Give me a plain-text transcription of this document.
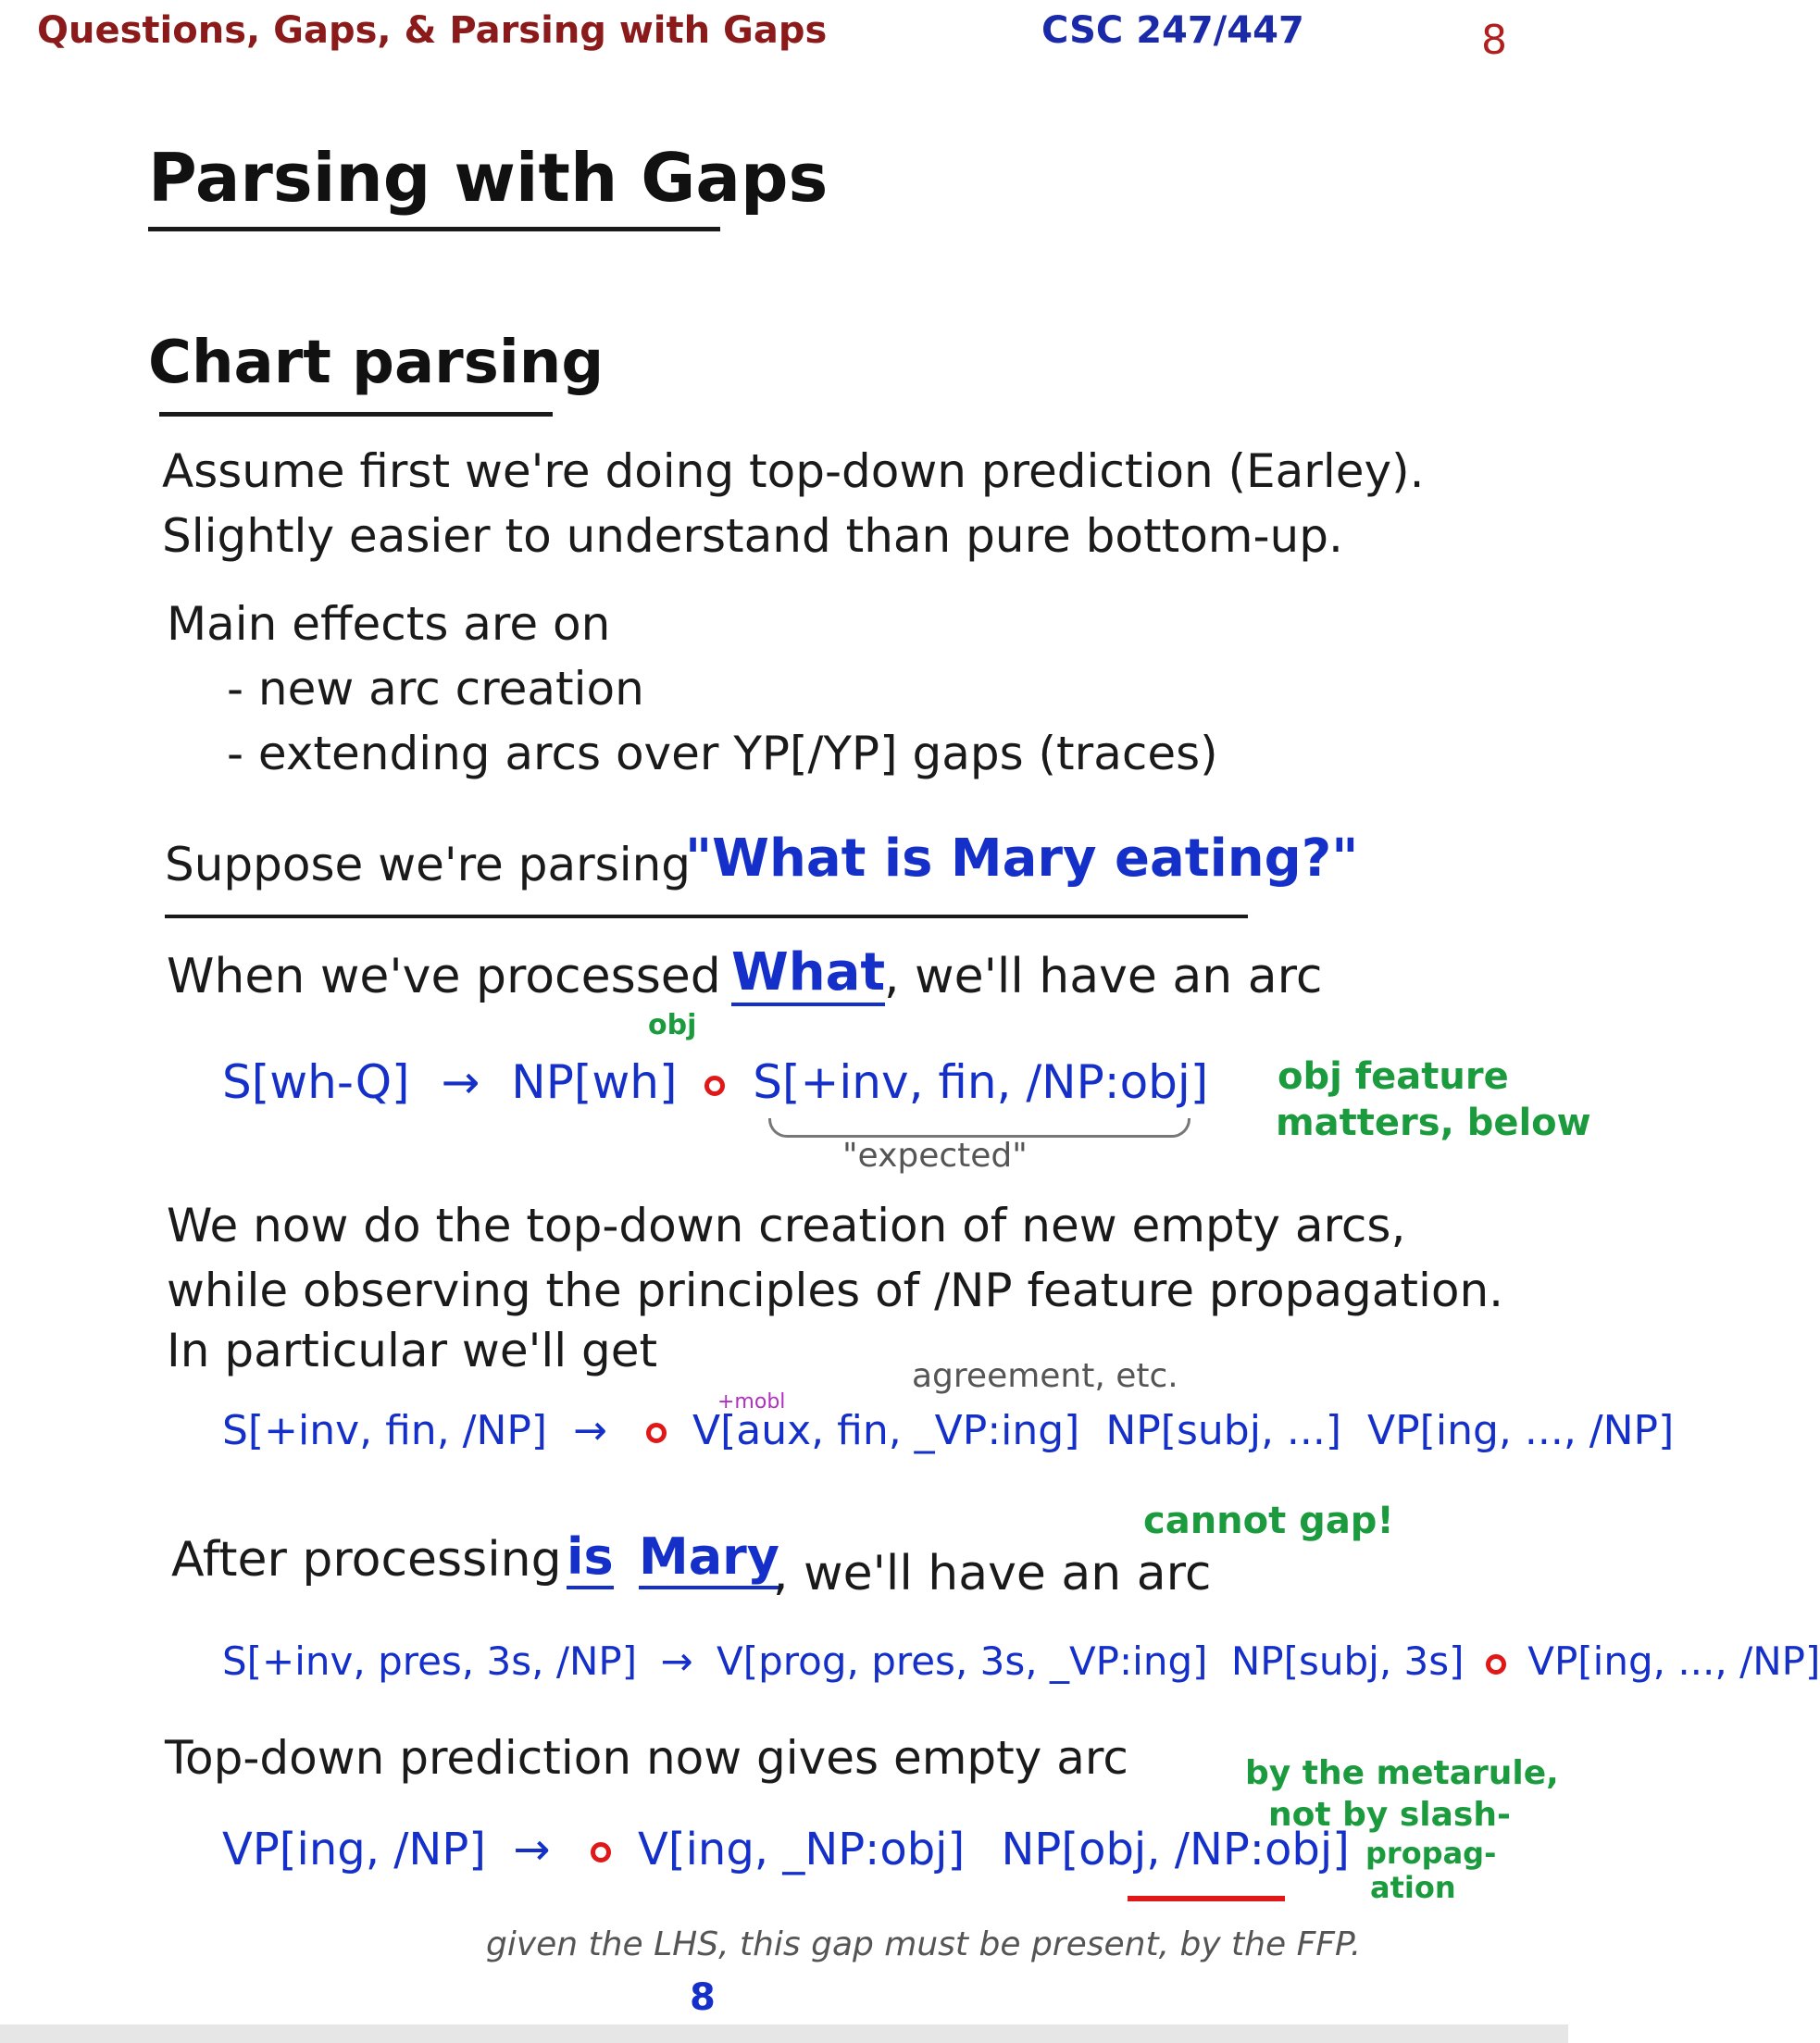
Questions, Gaps, & Parsing with Gaps	CSC 247/447	8
Parsing with Gaps
Chart parsing
Assume first we're doing top-down prediction (Earley).
Slightly easier to understand than pure bottom-up.
Main effects are on
- new arc creation
- extending arcs over YP[/YP] gaps (traces)
Suppose we're parsing
"What is Mary eating?"
When we've processed What
, we'll have an arc
obj
S[wh-Q] → NP[wh] S[+inv, fin, /NP:obj]
"expected"
obj feature
matters, below
We now do the top-down creation of new empty arcs,
while observing the principles of /NP feature propagation.
In particular we'll get
+mobl
agreement, etc.
S[+inv, fin, /NP] → V[aux, fin, _VP:ing] NP[subj, ...] VP[ing, ..., /NP]
cannot gap!
After processing is Mary
, we'll have an arc
S[+inv, pres, 3s, /NP] → V[prog, pres, 3s, _VP:ing] NP[subj, 3s] VP[ing, ..., /NP]
Top-down prediction now gives empty arc	by the metarule,
not by slash-
propag-
ation
VP[ing, /NP] → V[ing, _NP:obj] NP[obj, /NP:obj]
given the LHS, this gap must be present, by the FFP.
8
